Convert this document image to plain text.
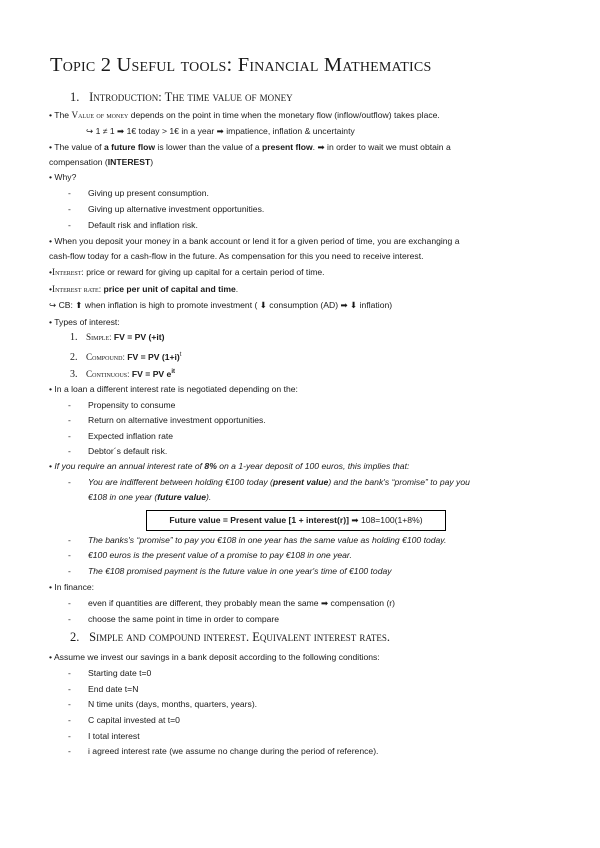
Topic 2 Useful tools: Financial Mathematics
1. Introduction: The time value of money
• The Value of money depends on the point in time when the monetary flow (inflow/outflow) takes place.
↪ 1 ≠ 1 ➡ 1€ today > 1€ in a year ➡ impatience, inflation & uncertainty
• The value of a future flow is lower than the value of a present flow. ➡ in order to wait we must obtain a
compensation (INTEREST)
• Why?
- Giving up present consumption.
- Giving up alternative investment opportunities.
- Default risk and inflation risk.
• When you deposit your money in a bank account or lend it for a given period of time, you are exchanging a
cash-flow today for a cash-flow in the future. As compensation for this you need to receive interest.
•Interest: price or reward for giving up capital for a certain period of time.
•Interest rate: price per unit of capital and time.
↪ CB: ⬆ when inflation is high to promote investment ( ⬇ consumption (AD) ➡ ⬇ inflation)
• Types of interest:
1. Simple: FV = PV (+it)
2. Compound: FV = PV $(1+i)^t$
3. Continuous: FV = PV $e^{it}$
• In a loan a different interest rate is negotiated depending on the:
- Propensity to consume
- Return on alternative investment opportunities.
- Expected inflation rate
- Debtor´s default risk.
• If you require an annual interest rate of 8% on a 1-year deposit of 100 euros, this implies that:
- You are indifferent between holding €100 today (present value) and the bank's “promise” to pay you
€108 in one year (future value).
Future value = Present value [1 + interest(r)] ➡ 108=100(1+8%)
- The banks's “promise” to pay you €108 in one year has the same value as holding €100 today.
- €100 euros is the present value of a promise to pay €108 in one year.
- The €108 promised payment is the future value in one year's time of €100 today
• In finance:
- even if quantities are different, they probably mean the same ➡ compensation (r)
- choose the same point in time in order to compare
2. Simple and compound interest. Equivalent interest rates.
• Assume we invest our savings in a bank deposit according to the following conditions:
- Starting date t=0
- End date t=N
- N time units (days, months, quarters, years).
- C capital invested at t=0
- I total interest
- i agreed interest rate (we assume no change during the period of reference).
